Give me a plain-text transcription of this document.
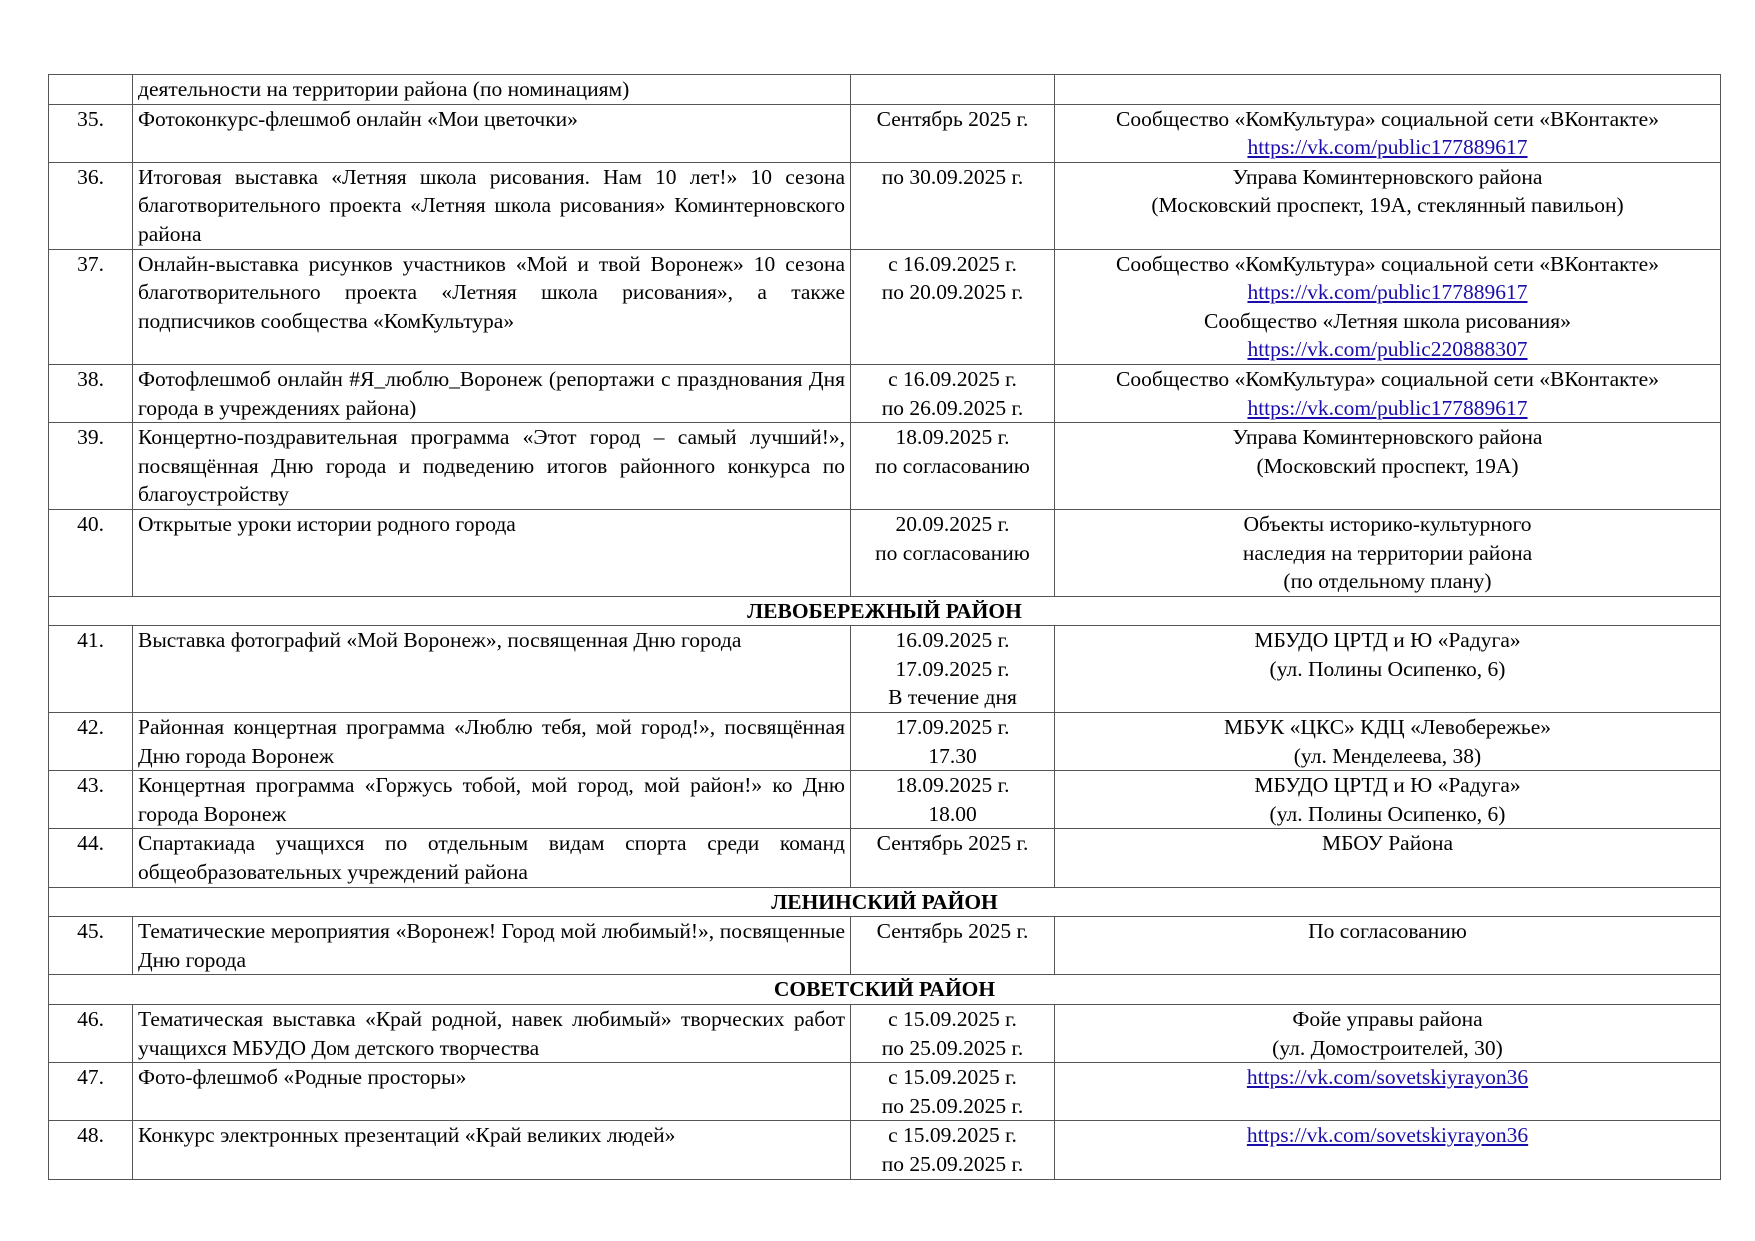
	деятельности на территории района (по номинациям)		
35.	Фотоконкурс-флешмоб онлайн «Мои цветочки»	Сентябрь 2025 г.	Сообщество «КомКультура» социальной сети «ВКонтакте»
https://vk.com/public177889617

36.	Итоговая выставка «Летняя школа рисования. Нам 10 лет!» 10 сезона благотворительного проекта «Летняя школа рисования» Коминтерновского района	по 30.09.2025 г.	Управа Коминтерновского района
(Московский проспект, 19А, стеклянный павильон)

37.	Онлайн-выставка рисунков участников «Мой и твой Воронеж» 10 сезона благотворительного проекта «Летняя школа рисования», а также подписчиков сообщества «КомКультура»	с 16.09.2025 г.
по 20.09.2025 г.	Сообщество «КомКультура» социальной сети «ВКонтакте»
https://vk.com/public177889617
Сообщество «Летняя школа рисования»
https://vk.com/public220888307

38.	Фотофлешмоб онлайн #Я_люблю_Воронеж (репортажи с празднования Дня города в учреждениях района)	с 16.09.2025 г.
по 26.09.2025 г.	Сообщество «КомКультура» социальной сети «ВКонтакте»
https://vk.com/public177889617

39.	Концертно-поздравительная программа «Этот город – самый лучший!», посвящённая Дню города и подведению итогов районного конкурса по благоустройству	18.09.2025 г.
по согласованию	Управа Коминтерновского района
(Московский проспект, 19А)

40.	Открытые уроки истории родного города	20.09.2025 г.
по согласованию	Объекты историко-культурного
наследия на территории района
(по отдельному плану)

ЛЕВОБЕРЕЖНЫЙ РАЙОН			
41.	Выставка фотографий «Мой Воронеж», посвященная Дню города	16.09.2025 г.
17.09.2025 г.
В течение дня	МБУДО ЦРТД и Ю «Радуга»
(ул. Полины Осипенко, 6)

42.	Районная концертная программа «Люблю тебя, мой город!», посвящённая Дню города Воронеж	17.09.2025 г.
17.30	МБУК «ЦКС» КДЦ «Левобережье»
(ул. Менделеева, 38)

43.	Концертная программа «Горжусь тобой, мой город, мой район!» ко Дню города Воронеж	18.09.2025 г.
18.00	МБУДО ЦРТД и Ю «Радуга»
(ул. Полины Осипенко, 6)

44.	Спартакиада учащихся по отдельным видам спорта среди команд общеобразовательных учреждений района	Сентябрь 2025 г.	МБОУ Района

ЛЕНИНСКИЙ РАЙОН			
45.	Тематические мероприятия «Воронеж! Город мой любимый!», посвященные Дню города	Сентябрь 2025 г.	По согласованию

СОВЕТСКИЙ РАЙОН			
46.	Тематическая выставка «Край родной, навек любимый» творческих работ учащихся МБУДО Дом детского творчества	с 15.09.2025 г.
по 25.09.2025 г.	Фойе управы района
(ул. Домостроителей, 30)

47.	Фото-флешмоб «Родные просторы»	с 15.09.2025 г.
по 25.09.2025 г.	https://vk.com/sovetskiyrayon36

48.	Конкурс электронных презентаций «Край великих людей»	с 15.09.2025 г.
по 25.09.2025 г.	https://vk.com/sovetskiyrayon36
